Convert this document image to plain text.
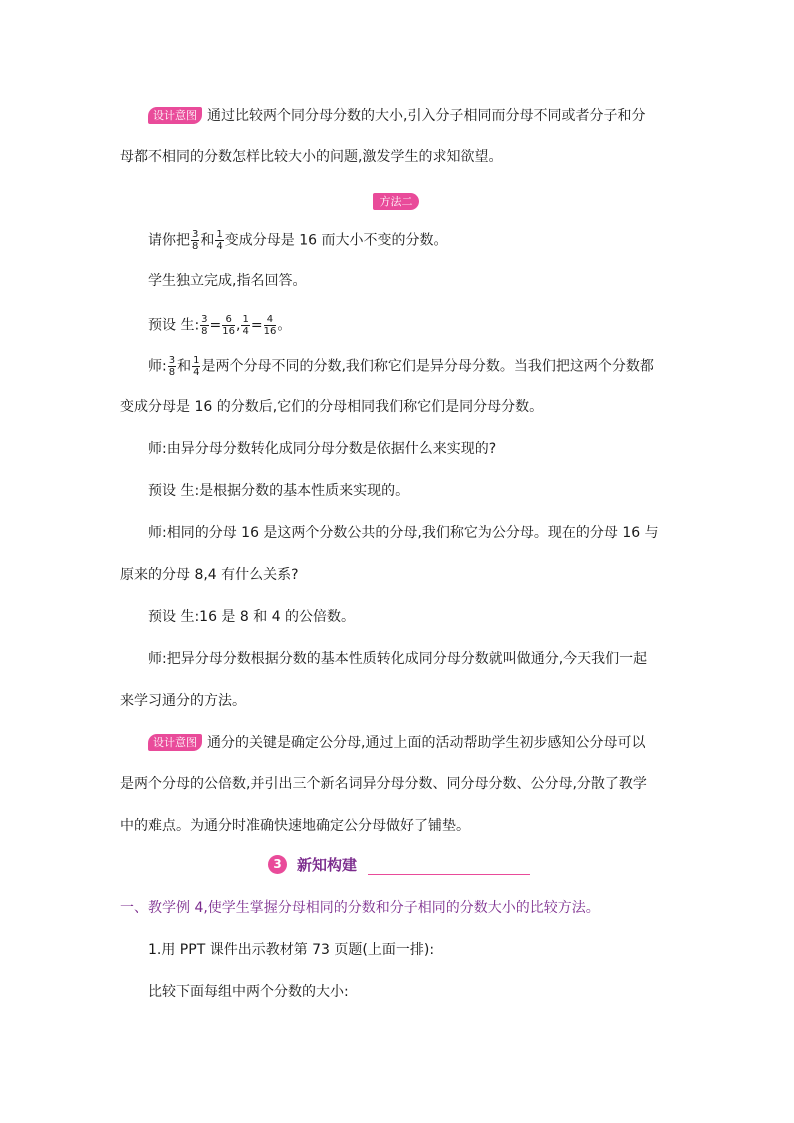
设计意图 通过比较两个同分母分数的大小,引入分子相同而分母不同或者分子和分
母都不相同的分数怎样比较大小的问题,激发学生的求知欲望。
方法二
请你把 $\frac{3}{8}$ 和 $\frac{1}{4}$ 变成分母是 16 而大小不变的分数。
学生独立完成,指名回答。
预设 生: $\frac{3}{8} = \frac{6}{16}$ , $\frac{1}{4} = \frac{4}{16}$ 。
师: $\frac{3}{8}$ 和 $\frac{1}{4}$ 是两个分母不同的分数,我们称它们是异分母分数。当我们把这两个分数都
变成分母是 16 的分数后,它们的分母相同我们称它们是同分母分数。
师:由异分母分数转化成同分母分数是依据什么来实现的?
预设 生:是根据分数的基本性质来实现的。
师:相同的分母 16 是这两个分数公共的分母,我们称它为公分母。现在的分母 16 与
原来的分母 8,4 有什么关系?
预设 生:16 是 8 和 4 的公倍数。
师:把异分母分数根据分数的基本性质转化成同分母分数就叫做通分,今天我们一起
来学习通分的方法。
设计意图 通分的关键是确定公分母,通过上面的活动帮助学生初步感知公分母可以
是两个分母的公倍数,并引出三个新名词异分母分数、同分母分数、公分母,分散了教学
中的难点。为通分时准确快速地确定公分母做好了铺垫。
3	新知构建
一、教学例 4,使学生掌握分母相同的分数和分子相同的分数大小的比较方法。
1.用 PPT 课件出示教材第 73 页题(上面一排):
比较下面每组中两个分数的大小:
